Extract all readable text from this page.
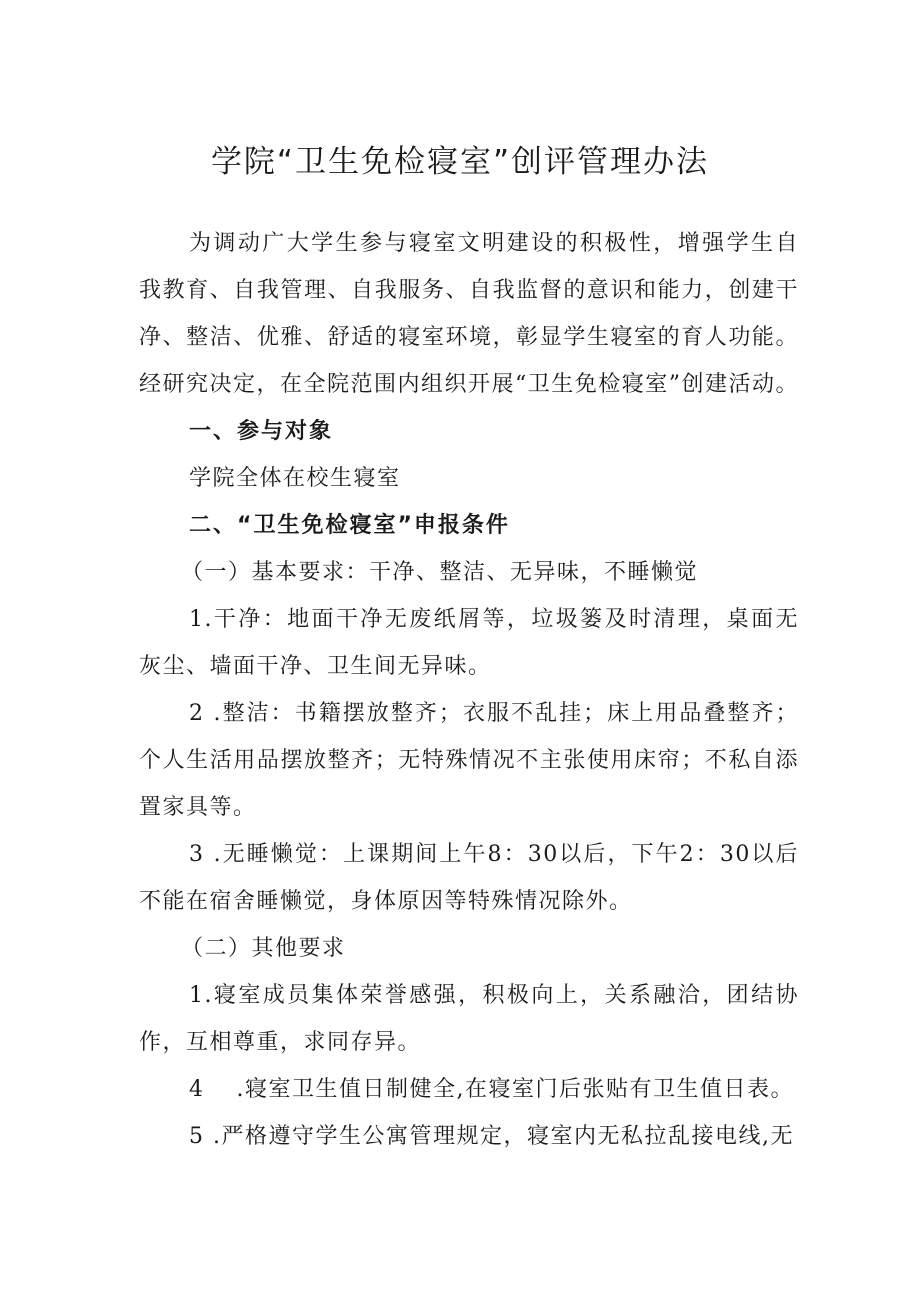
学院“卫生免检寝室”创评管理办法

为调动广大学生参与寝室文明建设的积极性，增强学生自我教育、自我管理、自我服务、自我监督的意识和能力，创建干净、整洁、优雅、舒适的寝室环境，彰显学生寝室的育人功能。经研究决定，在全院范围内组织开展“卫生免检寝室”创建活动。

一、参与对象

学院全体在校生寝室

二、“卫生免检寝室”申报条件

（一）基本要求：干净、整洁、无异味，不睡懒觉

1.干净：地面干净无废纸屑等，垃圾篓及时清理，桌面无灰尘、墙面干净、卫生间无异味。

2 .整洁：书籍摆放整齐；衣服不乱挂；床上用品叠整齐；个人生活用品摆放整齐；无特殊情况不主张使用床帘；不私自添置家具等。

3 .无睡懒觉：上课期间上午8：30以后，下午2：30以后不能在宿舍睡懒觉，身体原因等特殊情况除外。

（二）其他要求

1.寝室成员集体荣誉感强，积极向上，关系融洽，团结协作，互相尊重，求同存异。

4　 .寝室卫生值日制健全,在寝室门后张贴有卫生值日表。

5 .严格遵守学生公寓管理规定，寝室内无私拉乱接电线,无
